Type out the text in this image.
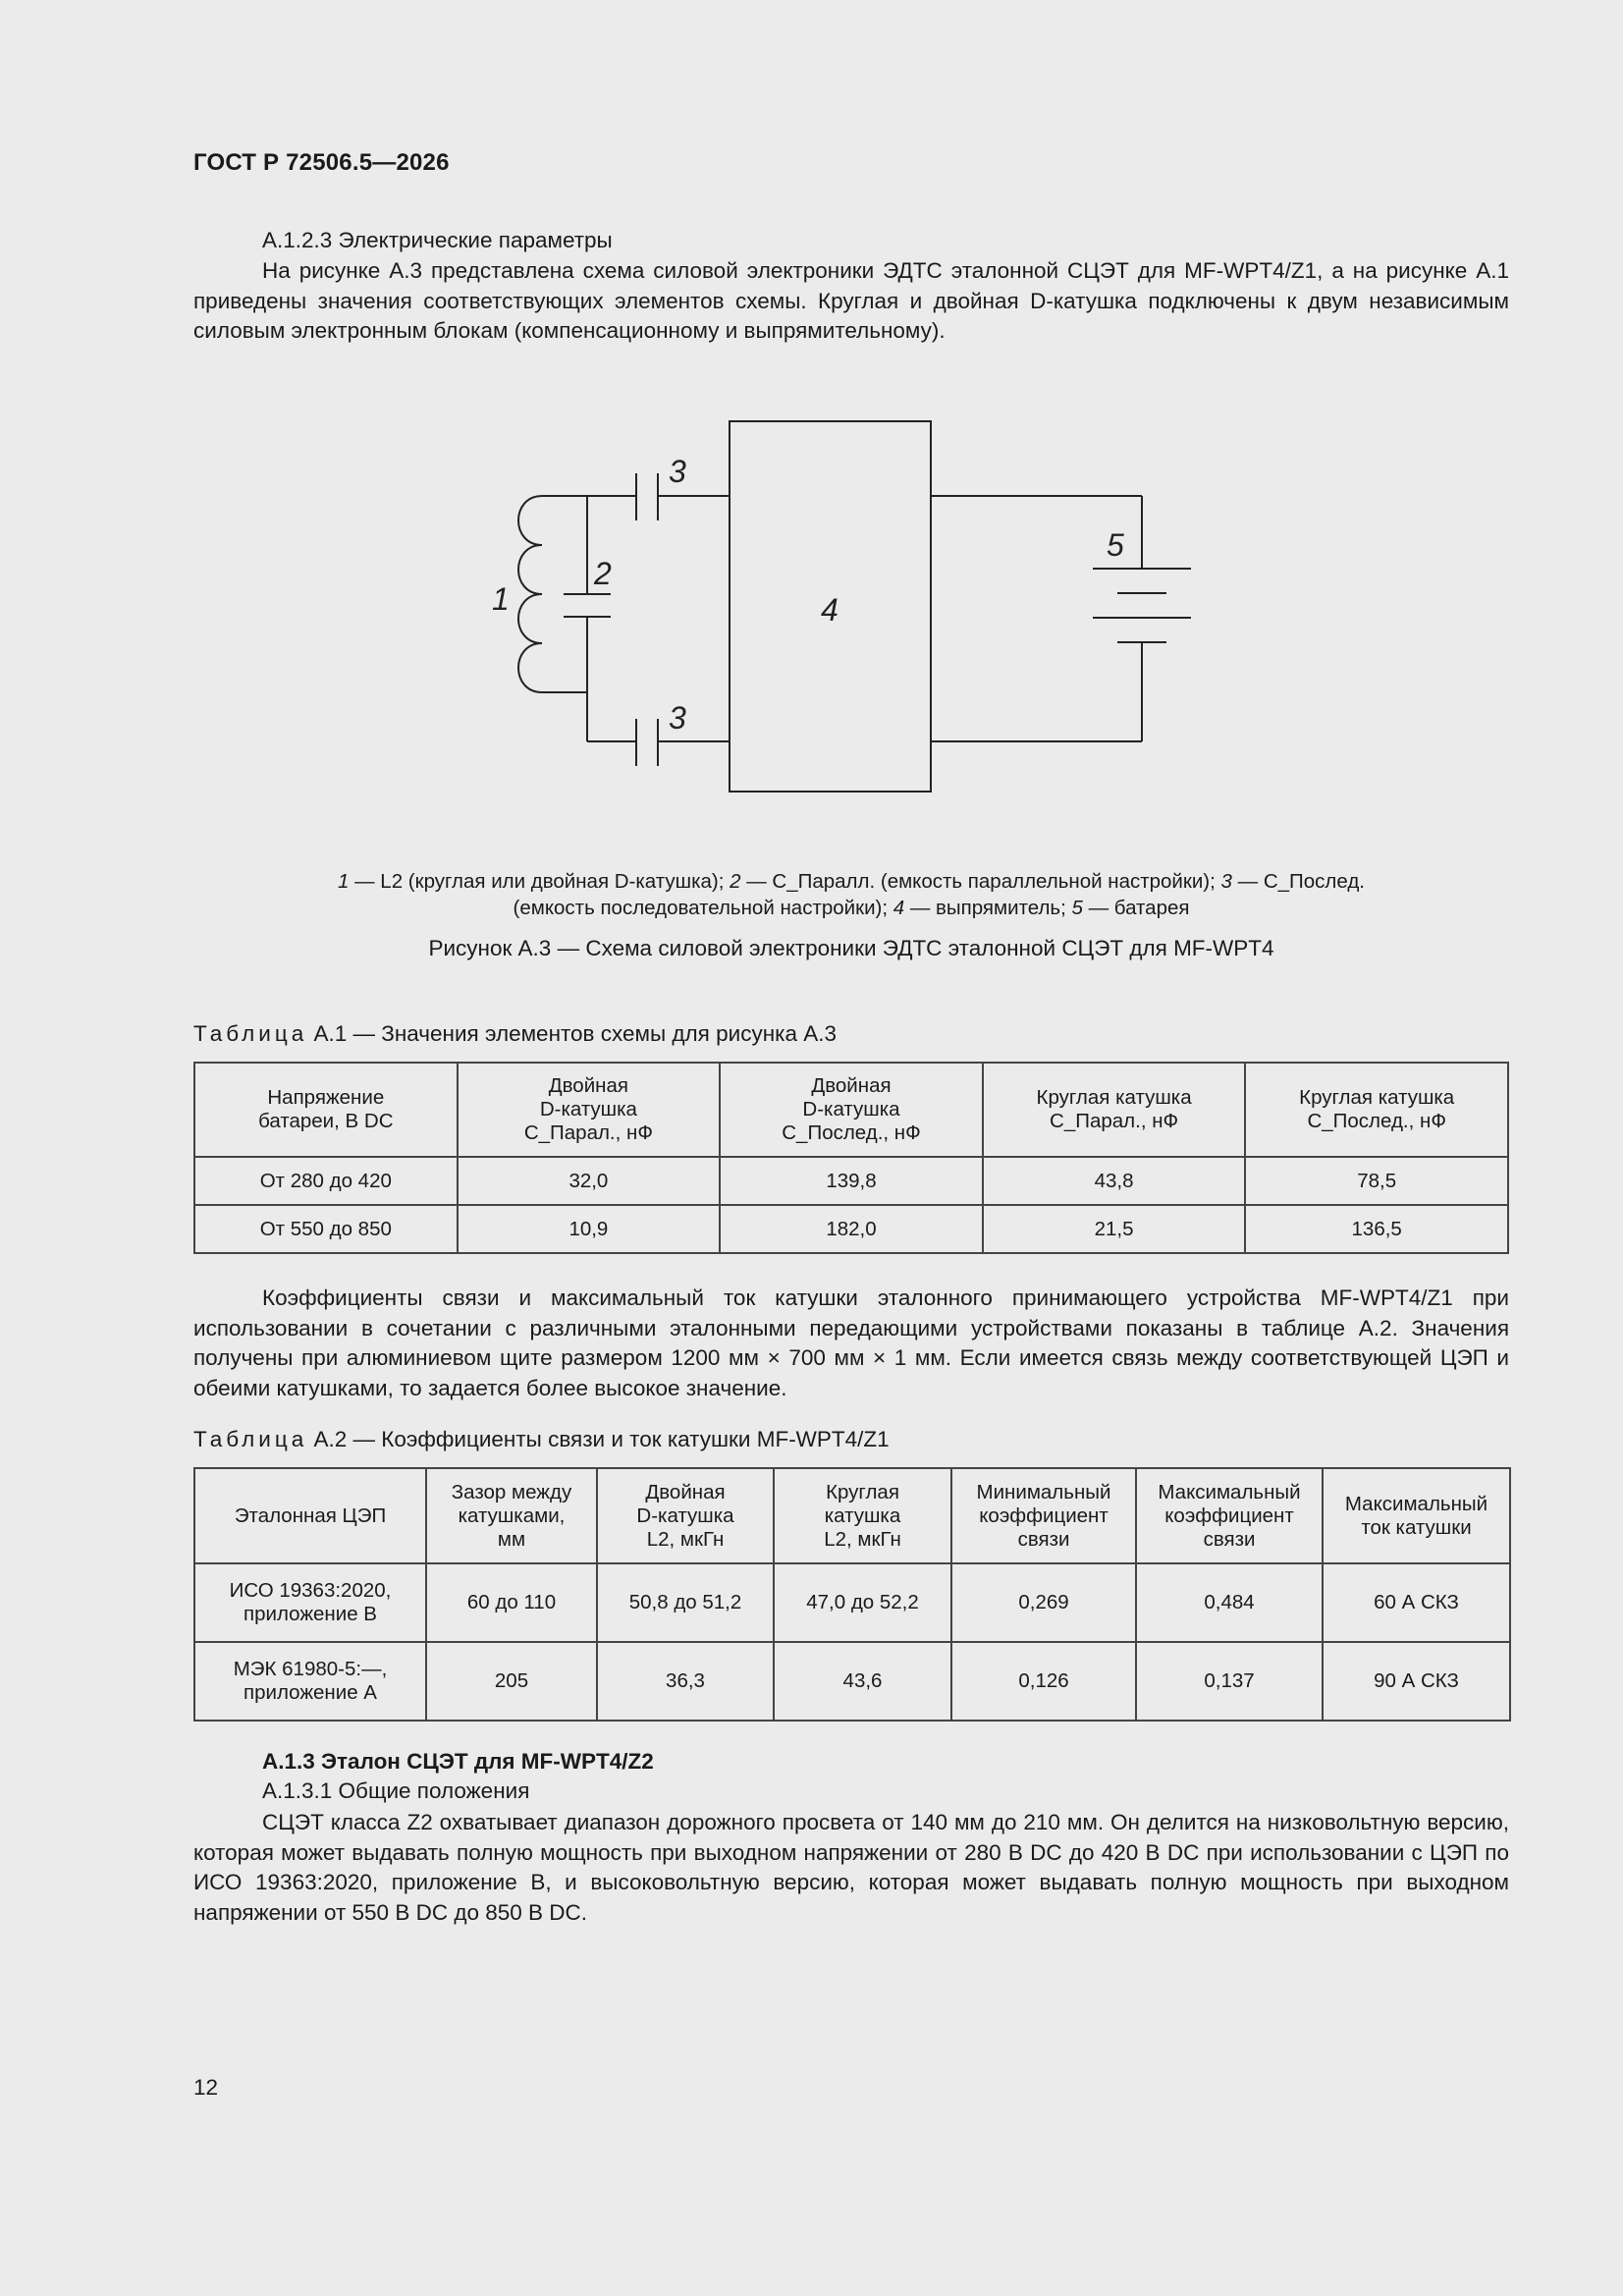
ГОСТ Р 72506.5—2026
А.1.2.3 Электрические параметры
На рисунке А.3 представлена схема силовой электроники ЭДТС эталонной СЦЭТ для MF-WPT4/Z1, а на рисунке А.1 приведены значения соответствующих элементов схемы. Круглая и двойная D-катушка подключены к двум независимым силовым электронным блокам (компенсационному и выпрямительному).
1
2
3
3
4
5
1 — L2 (круглая или двойная D-катушка); 2 — C_Паралл. (емкость параллельной настройки); 3 — C_Послед.
(емкость последовательной настройки); 4 — выпрямитель; 5 — батарея
Рисунок А.3 — Схема силовой электроники ЭДТС эталонной СЦЭТ для MF-WPT4
Таблица А.1 — Значения элементов схемы для рисунка А.3
Напряжение
батареи, В DC	Двойная
D-катушка
C_Парал., нФ	Двойная
D-катушка
C_Послед., нФ	Круглая катушка
C_Парал., нФ	Круглая катушка
C_Послед., нФ
От 280 до 420	32,0	139,8	43,8	78,5
От 550 до 850	10,9	182,0	21,5	136,5
Коэффициенты связи и максимальный ток катушки эталонного принимающего устройства MF-WPT4/Z1 при использовании в сочетании с различными эталонными передающими устройствами показаны в таблице А.2. Значения получены при алюминиевом щите размером 1200 мм × 700 мм × 1 мм. Если имеется связь между соответствующей ЦЭП и обеими катушками, то задается более высокое значение.
Таблица А.2 — Коэффициенты связи и ток катушки MF-WPT4/Z1
Эталонная ЦЭП	Зазор между
катушками,
мм	Двойная
D-катушка
L2, мкГн	Круглая
катушка
L2, мкГн	Минимальный
коэффициент
связи	Максимальный
коэффициент
связи	Максимальный
ток катушки
ИСО 19363:2020,
приложение В	60 до 110	50,8 до 51,2	47,0 до 52,2	0,269	0,484	60 А СКЗ
МЭК 61980-5:—,
приложение А	205	36,3	43,6	0,126	0,137	90 А СКЗ
А.1.3 Эталон СЦЭТ для MF-WPT4/Z2
А.1.3.1 Общие положения
СЦЭТ класса Z2 охватывает диапазон дорожного просвета от 140 мм до 210 мм. Он делится на низковольтную версию, которая может выдавать полную мощность при выходном напряжении от 280 В DC до 420 В DC при использовании с ЦЭП по ИСО 19363:2020, приложение В, и высоковольтную версию, которая может выдавать полную мощность при выходном напряжении от 550 В DC до 850 В DC.
12
